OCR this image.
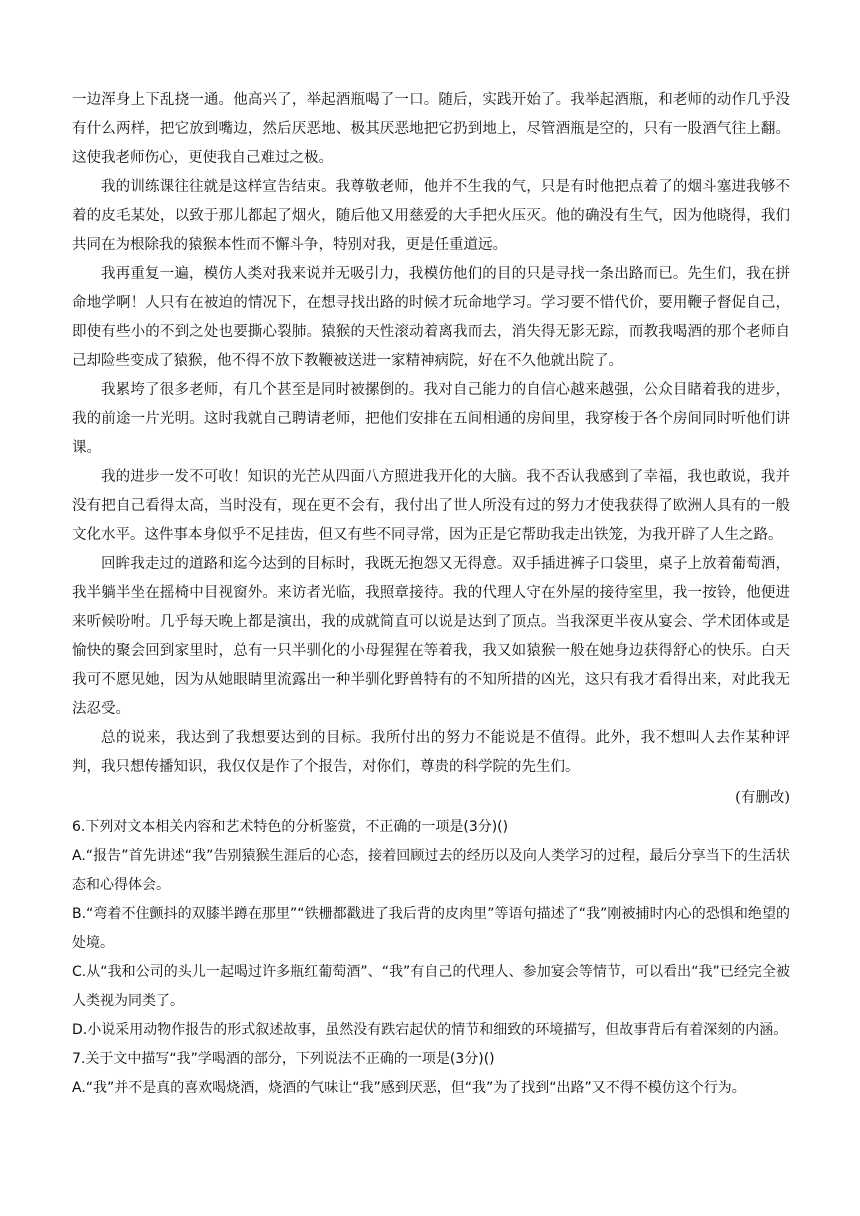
一边浑身上下乱挠一通。他高兴了，举起酒瓶喝了一口。随后，实践开始了。我举起酒瓶，和老师的动作几乎没有什么两样，把它放到嘴边，然后厌恶地、极其厌恶地把它扔到地上，尽管酒瓶是空的，只有一股酒气往上翻。这使我老师伤心，更使我自己难过之极。

我的训练课往往就是这样宣告结束。我尊敬老师，他并不生我的气，只是有时他把点着了的烟斗塞进我够不着的皮毛某处，以致于那儿都起了烟火，随后他又用慈爱的大手把火压灭。他的确没有生气，因为他晓得，我们共同在为根除我的猿猴本性而不懈斗争，特别对我，更是任重道远。

我再重复一遍，模仿人类对我来说并无吸引力，我模仿他们的目的只是寻找一条出路而已。先生们，我在拼命地学啊！人只有在被迫的情况下，在想寻找出路的时候才玩命地学习。学习要不惜代价，要用鞭子督促自己，即使有些小的不到之处也要撕心裂肺。猿猴的天性滚动着离我而去，消失得无影无踪，而教我喝酒的那个老师自己却险些变成了猿猴，他不得不放下教鞭被送进一家精神病院，好在不久他就出院了。

我累垮了很多老师，有几个甚至是同时被摞倒的。我对自己能力的自信心越来越强，公众目睹着我的进步，我的前途一片光明。这时我就自己聘请老师，把他们安排在五间相通的房间里，我穿梭于各个房间同时听他们讲课。

我的进步一发不可收！知识的光芒从四面八方照进我开化的大脑。我不否认我感到了幸福，我也敢说，我并没有把自己看得太高，当时没有，现在更不会有，我付出了世人所没有过的努力才使我获得了欧洲人具有的一般文化水平。这件事本身似乎不足挂齿，但又有些不同寻常，因为正是它帮助我走出铁笼，为我开辟了人生之路。

回眸我走过的道路和迄今达到的目标时，我既无抱怨又无得意。双手插进裤子口袋里，桌子上放着葡萄酒，我半躺半坐在摇椅中目视窗外。来访者光临，我照章接待。我的代理人守在外屋的接待室里，我一按铃，他便进来听候吩咐。几乎每天晚上都是演出，我的成就简直可以说是达到了顶点。当我深更半夜从宴会、学术团体或是愉快的聚会回到家里时，总有一只半驯化的小母猩猩在等着我，我又如猿猴一般在她身边获得舒心的快乐。白天我可不愿见她，因为从她眼睛里流露出一种半驯化野兽特有的不知所措的凶光，这只有我才看得出来，对此我无法忍受。

总的说来，我达到了我想要达到的目标。我所付出的努力不能说是不值得。此外，我不想叫人去作某种评判，我只想传播知识，我仅仅是作了个报告，对你们，尊贵的科学院的先生们。

(有删改)

6.下列对文本相关内容和艺术特色的分析鉴赏，不正确的一项是(3分)()

A.“报告”首先讲述“我”告别猿猴生涯后的心态，接着回顾过去的经历以及向人类学习的过程，最后分享当下的生活状态和心得体会。

B.“弯着不住颤抖的双膝半蹲在那里”“铁栅都戳进了我后背的皮肉里”等语句描述了“我”刚被捕时内心的恐惧和绝望的处境。

C.从“我和公司的头儿一起喝过许多瓶红葡萄酒”、“我”有自己的代理人、参加宴会等情节，可以看出“我”已经完全被人类视为同类了。

D.小说采用动物作报告的形式叙述故事，虽然没有跌宕起伏的情节和细致的环境描写，但故事背后有着深刻的内涵。

7.关于文中描写“我”学喝酒的部分，下列说法不正确的一项是(3分)()

A.“我”并不是真的喜欢喝烧酒，烧酒的气味让“我”感到厌恶，但“我”为了找到“出路”又不得不模仿这个行为。
